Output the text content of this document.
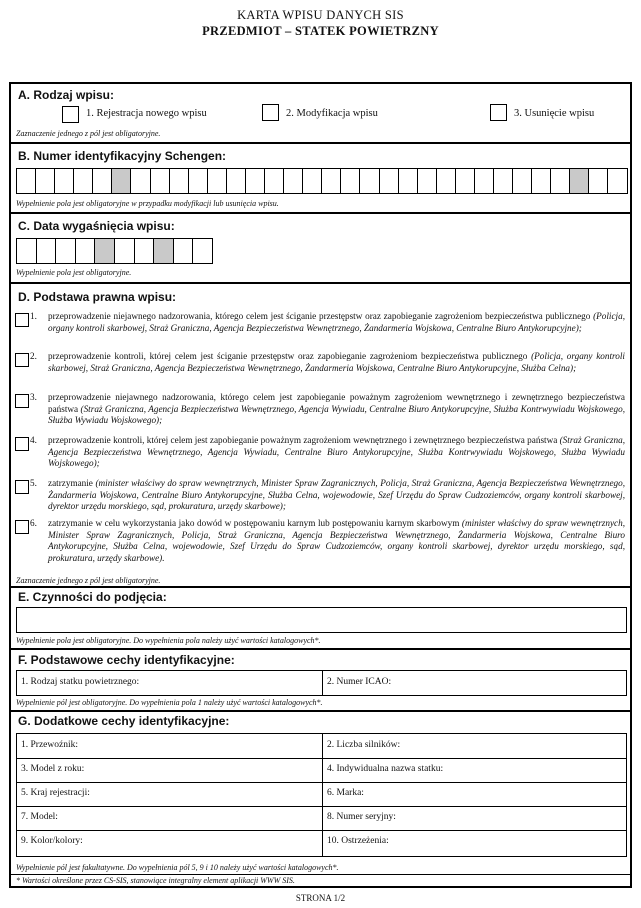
KARTA WPISU DANYCH SIS
PRZEDMIOT – STATEK POWIETRZNY
A. Rodzaj wpisu:
1. Rejestracja nowego wpisu	2. Modyfikacja wpisu	3. Usunięcie wpisu
Zaznaczenie jednego z pól jest obligatoryjne.
B. Numer identyfikacyjny Schengen:
Wypełnienie pola jest obligatoryjne w przypadku modyfikacji lub usunięcia wpisu.
C. Data wygaśnięcia wpisu:
Wypełnienie pola jest obligatoryjne.
D. Podstawa prawna wpisu:
1. przeprowadzenie niejawnego nadzorowania, którego celem jest ściganie przestępstw oraz zapobieganie zagrożeniom bezpieczeństwa publicznego (Policja, organy kontroli skarbowej, Straż Graniczna, Agencja Bezpieczeństwa Wewnętrznego, Żandarmeria Wojskowa, Centralne Biuro Antykorupcyjne);
2. przeprowadzenie kontroli, której celem jest ściganie przestępstw oraz zapobieganie zagrożeniom bezpieczeństwa publicznego (Policja, organy kontroli skarbowej, Straż Graniczna, Agencja Bezpieczeństwa Wewnętrznego, Żandarmeria Wojskowa, Centralne Biuro Antykorupcyjne, Służba Celna);
3. przeprowadzenie niejawnego nadzorowania, którego celem jest zapobieganie poważnym zagrożeniom wewnętrznego i zewnętrznego bezpieczeństwa państwa (Straż Graniczna, Agencja Bezpieczeństwa Wewnętrznego, Agencja Wywiadu, Centralne Biuro Antykorupcyjne, Służba Kontrwywiadu Wojskowego, Służba Wywiadu Wojskowego);
4. przeprowadzenie kontroli, której celem jest zapobieganie poważnym zagrożeniom wewnętrznego i zewnętrznego bezpieczeństwa państwa (Straż Graniczna, Agencja Bezpieczeństwa Wewnętrznego, Agencja Wywiadu, Centralne Biuro Antykorupcyjne, Służba Kontrwywiadu Wojskowego, Służba Wywiadu Wojskowego);
5. zatrzymanie (minister właściwy do spraw wewnętrznych, Minister Spraw Zagranicznych, Policja, Straż Graniczna, Agencja Bezpieczeństwa Wewnętrznego, Żandarmeria Wojskowa, Centralne Biuro Antykorupcyjne, Służba Celna, wojewodowie, Szef Urzędu do Spraw Cudzoziemców, organy kontroli skarbowej, dyrektor urzędu morskiego, sąd, prokuratura, urzędy skarbowe);
6. zatrzymanie w celu wykorzystania jako dowód w postępowaniu karnym lub postępowaniu karnym skarbowym (minister właściwy do spraw wewnętrznych, Minister Spraw Zagranicznych, Policja, Straż Graniczna, Agencja Bezpieczeństwa Wewnętrznego, Żandarmeria Wojskowa, Centralne Biuro Antykorupcyjne, Służba Celna, wojewodowie, Szef Urzędu do Spraw Cudzoziemców, organy kontroli skarbowej, dyrektor urzędu morskiego, sąd, prokuratura, urzędy skarbowe).
Zaznaczenie jednego z pól jest obligatoryjne.
E. Czynności do podjęcia:
Wypełnienie pola jest obligatoryjne. Do wypełnienia pola należy użyć wartości katalogowych*.
F. Podstawowe cechy identyfikacyjne:
1. Rodzaj statku powietrznego:	2. Numer ICAO:
Wypełnienie pól jest obligatoryjne. Do wypełnienia pola 1 należy użyć wartości katalogowych*.
G. Dodatkowe cechy identyfikacyjne:
1. Przewoźnik:	2. Liczba silników:
3. Model z roku:	4. Indywidualna nazwa statku:
5. Kraj rejestracji:	6. Marka:
7. Model:	8. Numer seryjny:
9. Kolor/kolory:	10. Ostrzeżenia:
Wypełnienie pól jest fakultatywne. Do wypełnienia pól 5, 9 i 10 należy użyć wartości katalogowych*.
* Wartości określone przez CS-SIS, stanowiące integralny element aplikacji WWW SIS.
STRONA 1/2
